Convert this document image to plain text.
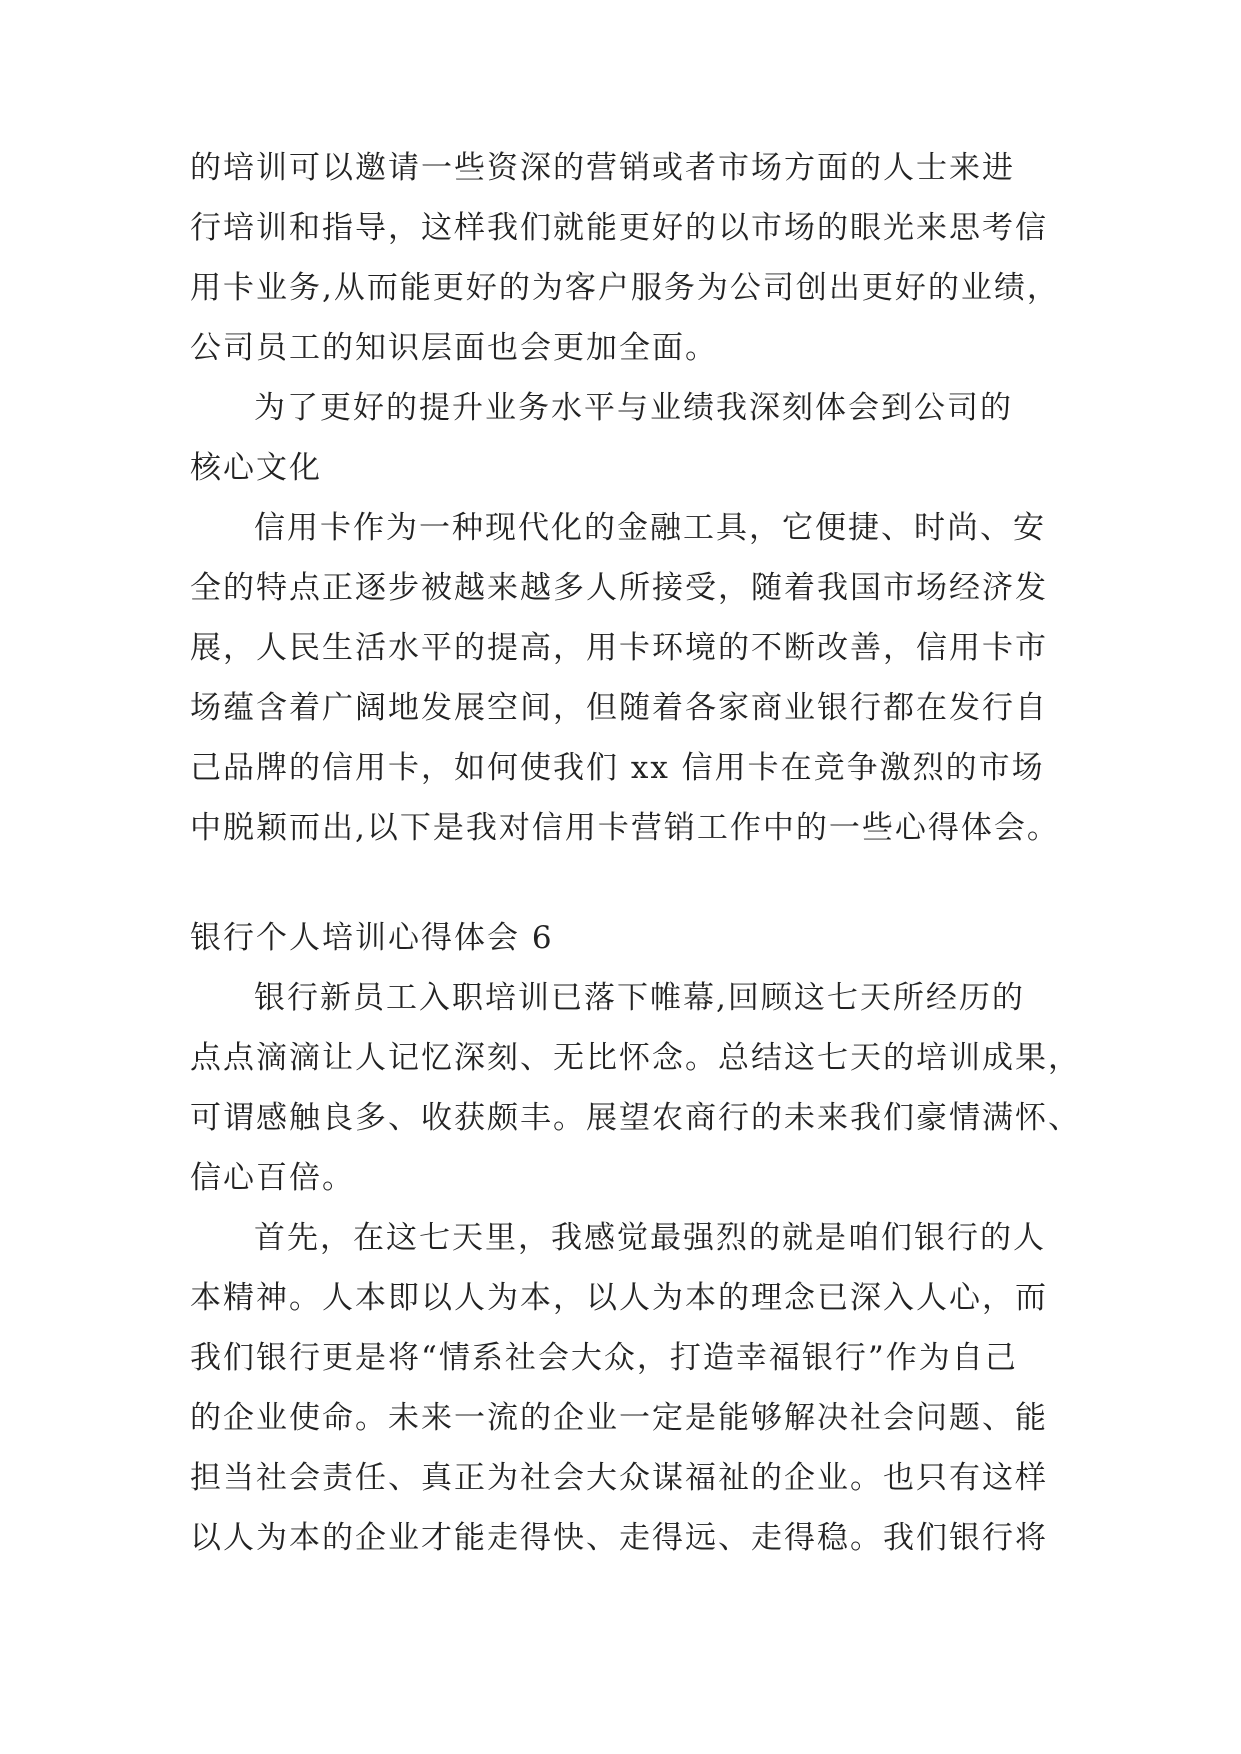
的培训可以邀请一些资深的营销或者市场方面的人士来进
行培训和指导，这样我们就能更好的以市场的眼光来思考信
用卡业务,从而能更好的为客户服务为公司创出更好的业绩，
公司员工的知识层面也会更加全面。
为了更好的提升业务水平与业绩我深刻体会到公司的
核心文化
信用卡作为一种现代化的金融工具，它便捷、时尚、安
全的特点正逐步被越来越多人所接受，随着我国市场经济发
展，人民生活水平的提高，用卡环境的不断改善，信用卡市
场蕴含着广阔地发展空间，但随着各家商业银行都在发行自
己品牌的信用卡，如何使我们 xx 信用卡在竞争激烈的市场
中脱颖而出,以下是我对信用卡营销工作中的一些心得体会。
银行个人培训心得体会 6
银行新员工入职培训已落下帷幕,回顾这七天所经历的
点点滴滴让人记忆深刻、无比怀念。总结这七天的培训成果，
可谓感触良多、收获颇丰。展望农商行的未来我们豪情满怀、
信心百倍。
首先，在这七天里，我感觉最强烈的就是咱们银行的人
本精神。人本即以人为本，以人为本的理念已深入人心，而
我们银行更是将“情系社会大众，打造幸福银行”作为自己
的企业使命。未来一流的企业一定是能够解决社会问题、能
担当社会责任、真正为社会大众谋福祉的企业。也只有这样
以人为本的企业才能走得快、走得远、走得稳。我们银行将
